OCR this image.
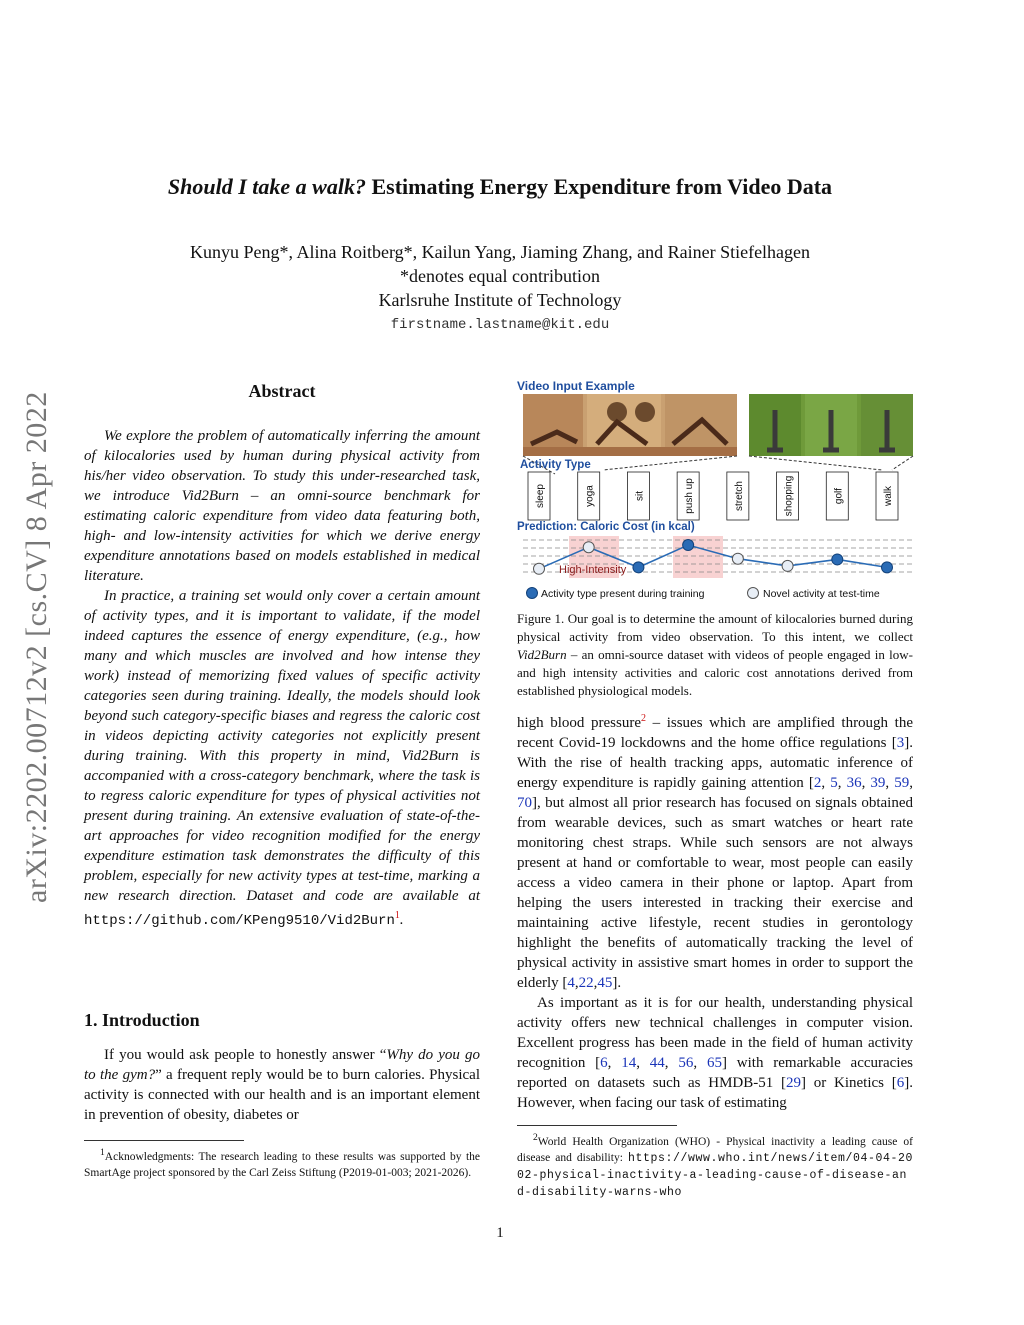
Should I take a walk? Estimating Energy Expenditure from Video Data
Kunyu Peng*, Alina Roitberg*, Kailun Yang, Jiaming Zhang, and Rainer Stiefelhagen
*denotes equal contribution
Karlsruhe Institute of Technology
firstname.lastname@kit.edu
arXiv:2202.00712v2 [cs.CV] 8 Apr 2022
Abstract

We explore the problem of automatically inferring the amount of kilocalories used by human during physical activity from his/her video observation. To study this under-researched task, we introduce Vid2Burn – an omni-source benchmark for estimating caloric expenditure from video data featuring both, high- and low-intensity activities for which we derive energy expenditure annotations based on models established in medical literature.

In practice, a training set would only cover a certain amount of activity types, and it is important to validate, if the model indeed captures the essence of energy expenditure, (e.g., how many and which muscles are involved and how intense they work) instead of memorizing fixed values of specific activity categories seen during training. Ideally, the models should look beyond such category-specific biases and regress the caloric cost in videos depicting activity categories not explicitly present during training. With this property in mind, Vid2Burn is accompanied with a cross-category benchmark, where the task is to regress caloric expenditure for types of physical activities not present during training. An extensive evaluation of state-of-the-art approaches for video recognition modified for the energy expenditure estimation task demonstrates the difficulty of this problem, especially for new activity types at test-time, marking a new research direction. Dataset and code are available at https://github.com/KPeng9510/Vid2Burn$^1$.

1. Introduction

If you would ask people to honestly answer “Why do you go to the gym?” a frequent reply would be to burn calories. Physical activity is connected with our health and is an important element in prevention of obesity, diabetes or

$^1$Acknowledgments: The research leading to these results was supported by the SmartAge project sponsored by the Carl Zeiss Stiftung (P2019-01-003; 2021-2026).
Video Input Example
Activity Type
sleep	yoga	sit	push up	stretch	shopping	golf	walk
Prediction: Caloric Cost (in kcal)
High-Intensity
Activity type present during training	Novel activity at test-time
Figure 1. Our goal is to determine the amount of kilocalories burned during physical activity from video observation. To this intent, we collect Vid2Burn – an omni-source dataset with videos of people engaged in low- and high intensity activities and caloric cost annotations derived from established physiological models.

high blood pressure$^2$ – issues which are amplified through the recent Covid-19 lockdowns and the home office regulations [3]. With the rise of health tracking apps, automatic inference of energy expenditure is rapidly gaining attention [2, 5, 36, 39, 59, 70], but almost all prior research has focused on signals obtained from wearable devices, such as smart watches or heart rate monitoring chest straps. While such sensors are not always present at hand or comfortable to wear, most people can easily access a video camera in their phone or laptop. Apart from helping the users interested in tracking their exercise and maintaining active lifestyle, recent studies in gerontology highlight the benefits of automatically tracking the level of physical activity in assistive smart homes in order to support the elderly [4,22,45].

As important as it is for our health, understanding physical activity offers new technical challenges in computer vision. Excellent progress has been made in the field of human activity recognition [6, 14, 44, 56, 65] with remarkable accuracies reported on datasets such as HMDB-51 [29] or Kinetics [6]. However, when facing our task of estimating

$^2$World Health Organization (WHO) - Physical inactivity a leading cause of disease and disability: https://www.who.int/news/item/04-04-2002-physical-inactivity-a-leading-cause-of-disease-and-disability-warns-who
1
